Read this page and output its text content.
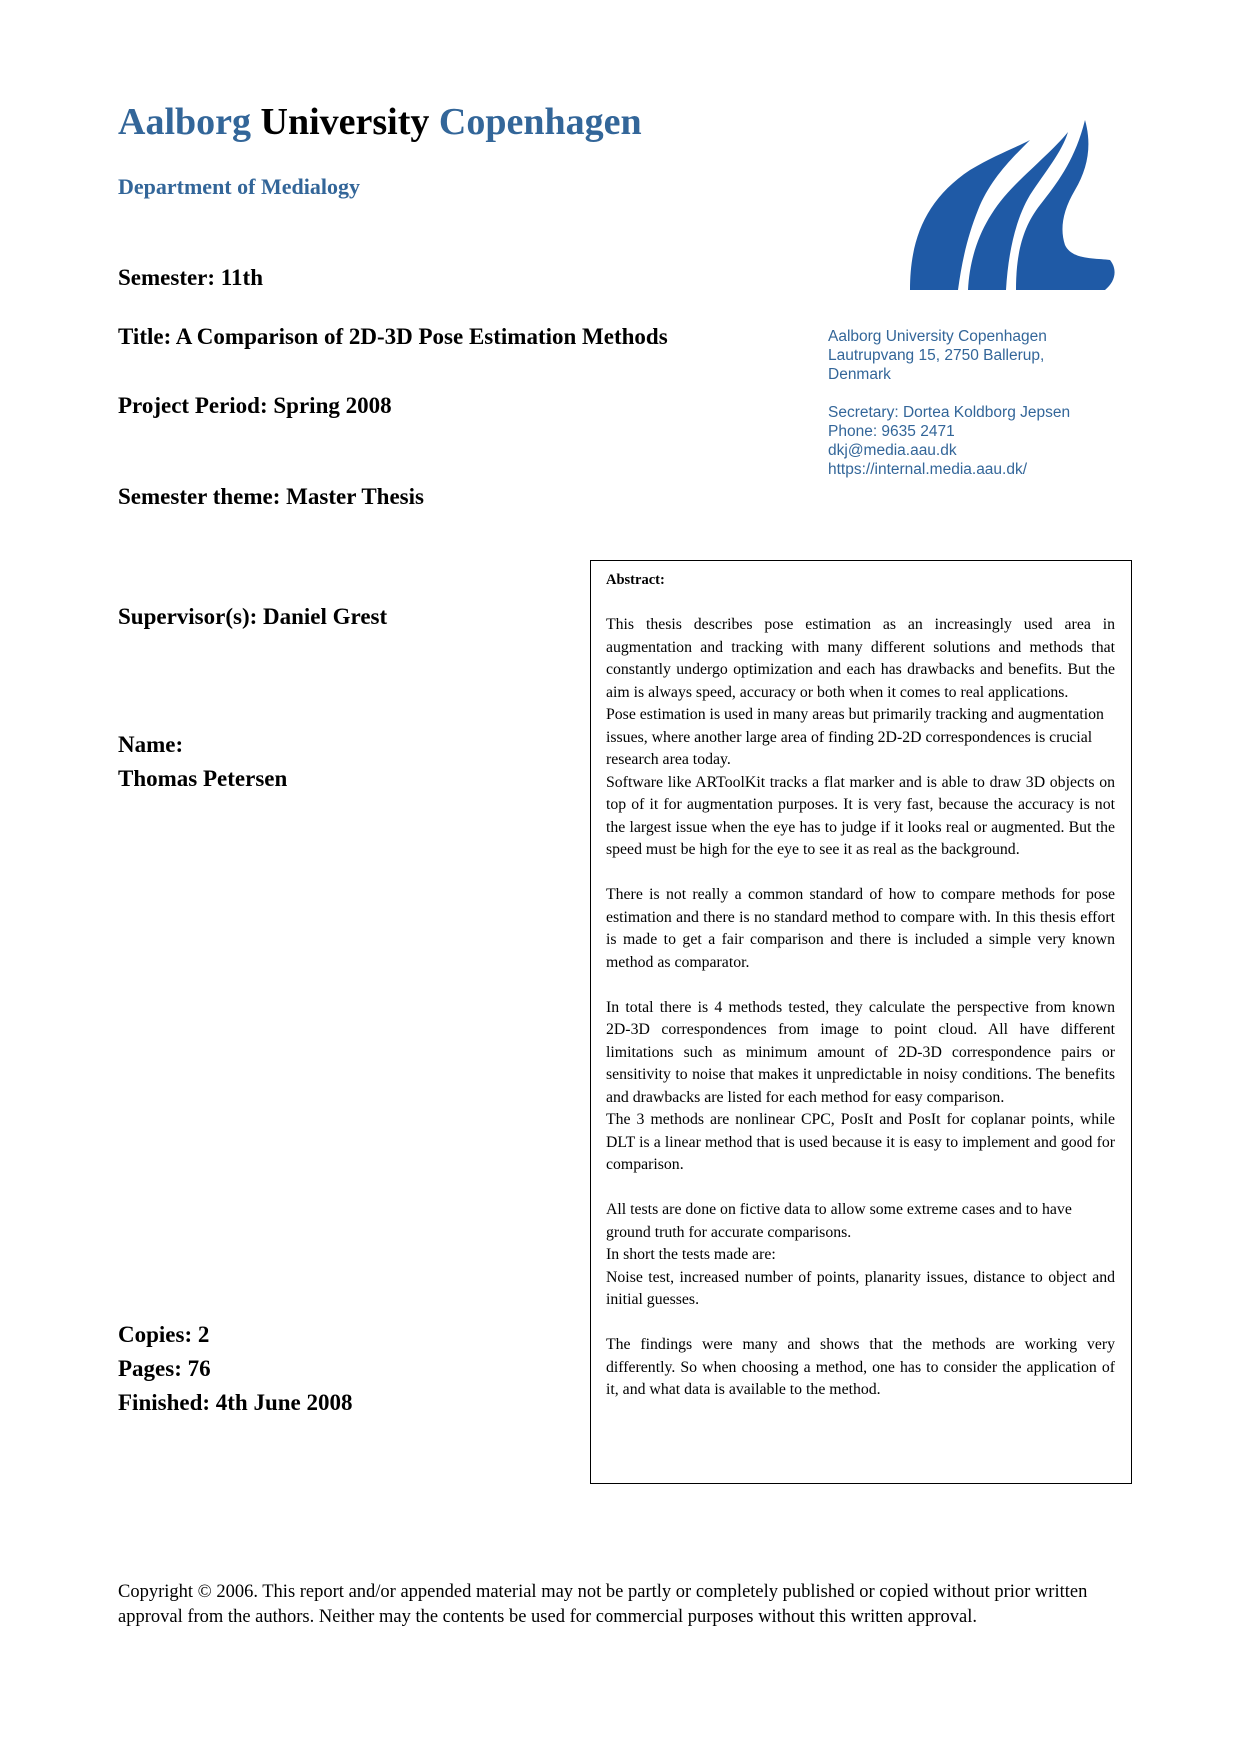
Aalborg University Copenhagen
Department of Medialogy
Semester: 11th
Title: A Comparison of 2D-3D Pose Estimation Methods
Project Period: Spring 2008
Semester theme: Master Thesis
Supervisor(s): Daniel Grest
Name:
Thomas Petersen
Copies: 2
Pages: 76
Finished: 4th June 2008
Aalborg University Copenhagen
Lautrupvang 15, 2750 Ballerup,
Denmark
Secretary: Dortea Koldborg Jepsen
Phone: 9635 2471
dkj@media.aau.dk
https://internal.media.aau.dk/
Abstract:

This thesis describes pose estimation as an increasingly used area in augmentation and tracking with many different solutions and methods that constantly undergo optimization and each has drawbacks and benefits. But the aim is always speed, accuracy or both when it comes to real applications.

Pose estimation is used in many areas but primarily tracking and augmentation issues, where another large area of finding 2D-2D correspondences is crucial research area today.

Software like ARToolKit tracks a flat marker and is able to draw 3D objects on top of it for augmentation purposes. It is very fast, because the accuracy is not the largest issue when the eye has to judge if it looks real or augmented. But the speed must be high for the eye to see it as real as the background.

There is not really a common standard of how to compare methods for pose estimation and there is no standard method to compare with. In this thesis effort is made to get a fair comparison and there is included a simple very known method as comparator.

In total there is 4 methods tested, they calculate the perspective from known 2D-3D correspondences from image to point cloud. All have different limitations such as minimum amount of 2D-3D correspondence pairs or sensitivity to noise that makes it unpredictable in noisy conditions. The benefits and drawbacks are listed for each method for easy comparison.

The 3 methods are nonlinear CPC, PosIt and PosIt for coplanar points, while DLT is a linear method that is used because it is easy to implement and good for comparison.

All tests are done on fictive data to allow some extreme cases and to have ground truth for accurate comparisons.

In short the tests made are:

Noise test, increased number of points, planarity issues, distance to object and initial guesses.

The findings were many and shows that the methods are working very differently. So when choosing a method, one has to consider the application of it, and what data is available to the method.

Copyright © 2006. This report and/or appended material may not be partly or completely published or copied without prior written approval from the authors. Neither may the contents be used for commercial purposes without this written approval.
